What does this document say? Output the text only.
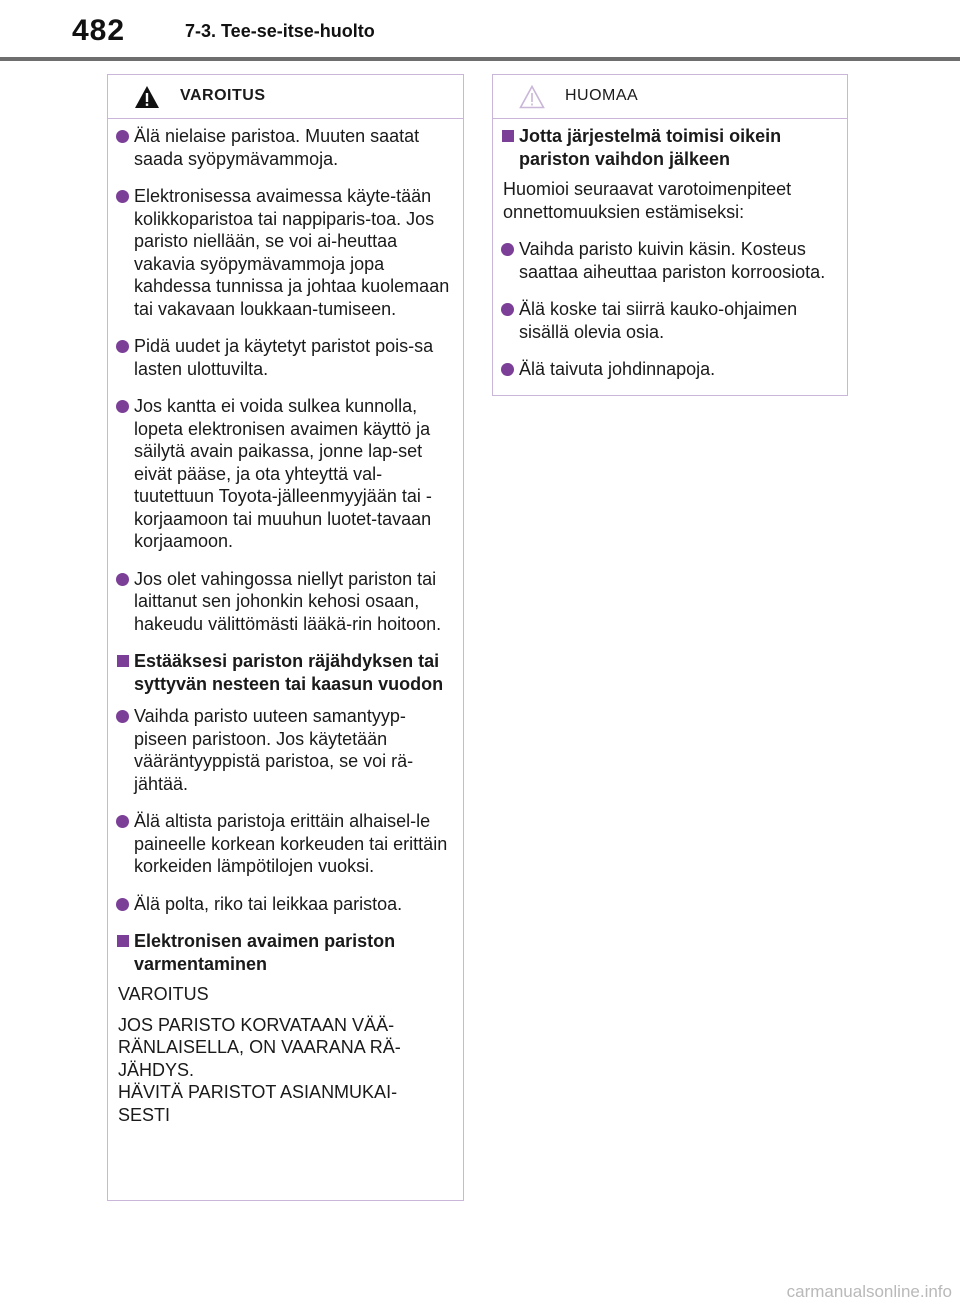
482	7-3. Tee-se-itse-huolto
VAROITUS
Älä nielaise paristoa. Muuten saatat saada syöpymävammoja.
Elektronisessa avaimessa käyte-tään kolikkoparistoa tai nappiparis-toa. Jos paristo niellään, se voi ai-heuttaa vakavia syöpymävammoja jopa kahdessa tunnissa ja johtaa kuolemaan tai vakavaan loukkaan-tumiseen.
Pidä uudet ja käytetyt paristot pois-sa lasten ulottuvilta.
Jos kantta ei voida sulkea kunnolla, lopeta elektronisen avaimen käyttö ja säilytä avain paikassa, jonne lap-set eivät pääse, ja ota yhteyttä val-tuutettuun Toyota-jälleenmyyjään tai -korjaamoon tai muuhun luotet-tavaan korjaamoon.
Jos olet vahingossa niellyt pariston tai laittanut sen johonkin kehosi osaan, hakeudu välittömästi lääkä-rin hoitoon.
Estääksesi pariston räjähdyksen tai syttyvän nesteen tai kaasun vuodon
Vaihda paristo uuteen samantyyp-piseen paristoon. Jos käytetään vääräntyyppistä paristoa, se voi rä-jähtää.
Älä altista paristoja erittäin alhaisel-le paineelle korkean korkeuden tai erittäin korkeiden lämpötilojen vuoksi.
Älä polta, riko tai leikkaa paristoa.
Elektronisen avaimen pariston varmentaminen
VAROITUS
JOS PARISTO KORVATAAN VÄÄ-
RÄNLAISELLA, ON VAARANA RÄ-
JÄHDYS.
HÄVITÄ PARISTOT ASIANMUKAI-
SESTI
HUOMAA
Jotta järjestelmä toimisi oikein pariston vaihdon jälkeen
Huomioi seuraavat varotoimenpiteet onnettomuuksien estämiseksi:
Vaihda paristo kuivin käsin. Kosteus saattaa aiheuttaa pariston korroosiota.
Älä koske tai siirrä kauko-ohjaimen sisällä olevia osia.
Älä taivuta johdinnapoja.
carmanualsonline.info
